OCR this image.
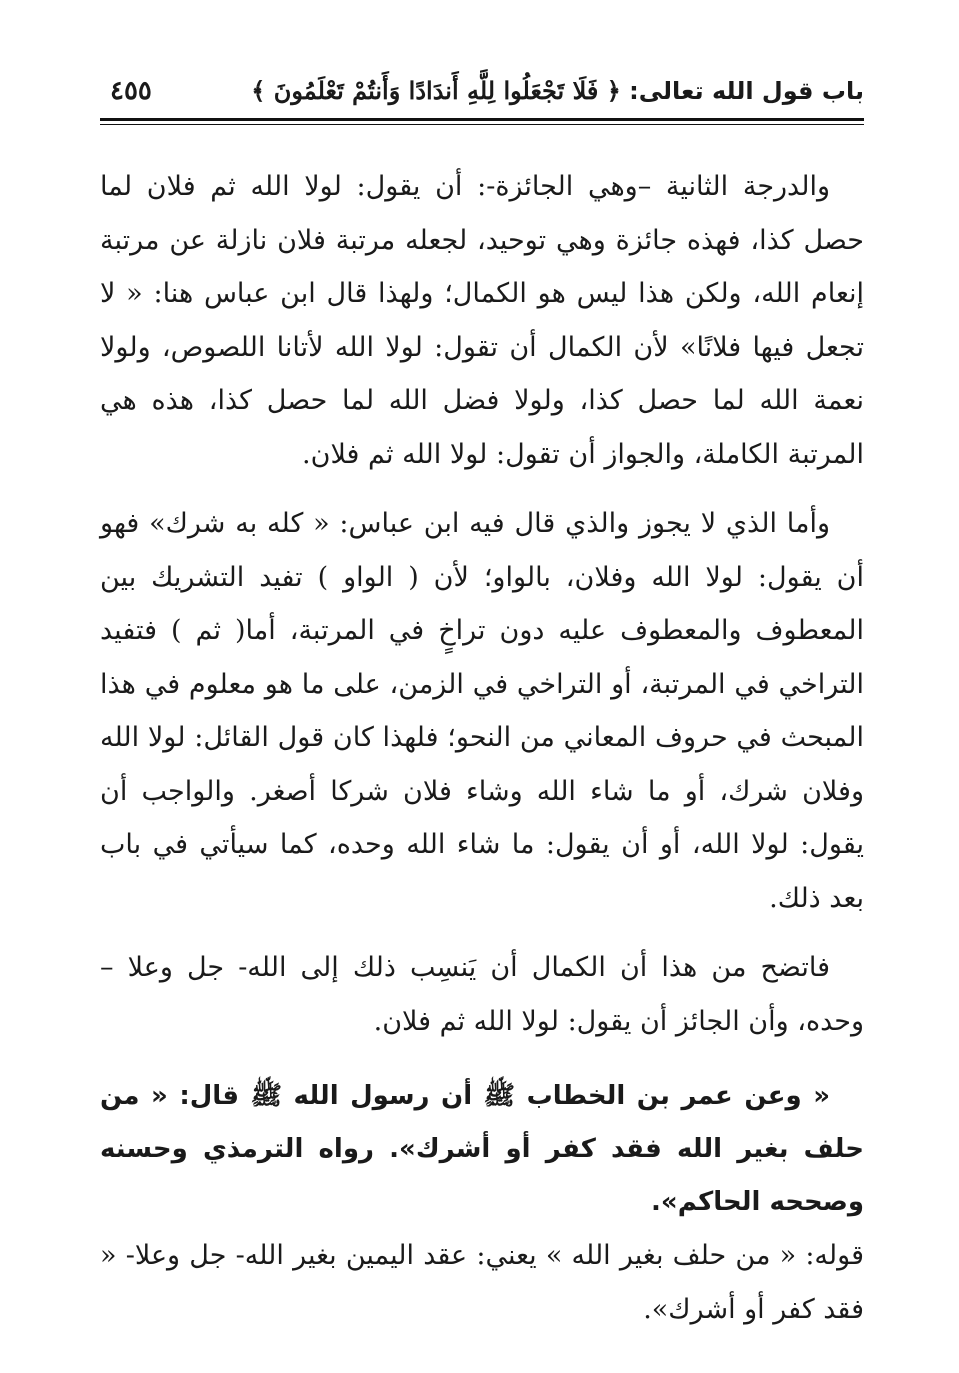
باب قول الله تعالى: ﴿ فَلَا تَجْعَلُوا لِلَّهِ أَندَادًا وَأَنتُمْ تَعْلَمُونَ ﴾
٤٥٥

والدرجة الثانية –وهي الجائزة-: أن يقول: لولا الله ثم فلان لما حصل كذا، فهذه جائزة وهي توحيد، لجعله مرتبة فلان نازلة عن مرتبة إنعام الله، ولكن هذا ليس هو الكمال؛ ولهذا قال ابن عباس هنا: « لا تجعل فيها فلانًا» لأن الكمال أن تقول: لولا الله لأتانا اللصوص، ولولا نعمة الله لما حصل كذا، ولولا فضل الله لما حصل كذا، هذه هي المرتبة الكاملة، والجواز أن تقول: لولا الله ثم فلان.

وأما الذي لا يجوز والذي قال فيه ابن عباس: « كله به شرك» فهو أن يقول: لولا الله وفلان، بالواو؛ لأن ( الواو ) تفيد التشريك بين المعطوف والمعطوف عليه دون تراخٍ في المرتبة، أما( ثم ) فتفيد التراخي في المرتبة، أو التراخي في الزمن، على ما هو معلوم في هذا المبحث في حروف المعاني من النحو؛ فلهذا كان قول القائل: لولا الله وفلان شرك، أو ما شاء الله وشاء فلان شركا أصغر. والواجب أن يقول: لولا الله، أو أن يقول: ما شاء الله وحده، كما سيأتي في باب بعد ذلك.

فاتضح من هذا أن الكمال أن يَنسِب ذلك إلى الله- جل وعلا –وحده، وأن الجائز أن يقول: لولا الله ثم فلان.

« وعن عمر بن الخطاب ﷺ أن رسول الله ﷺ قال: « من حلف بغير الله فقد كفر أو أشرك». رواه الترمذي وحسنه وصححه الحاكم».

قوله: « من حلف بغير الله » يعني: عقد اليمين بغير الله- جل وعلا- « فقد كفر أو أشرك».
